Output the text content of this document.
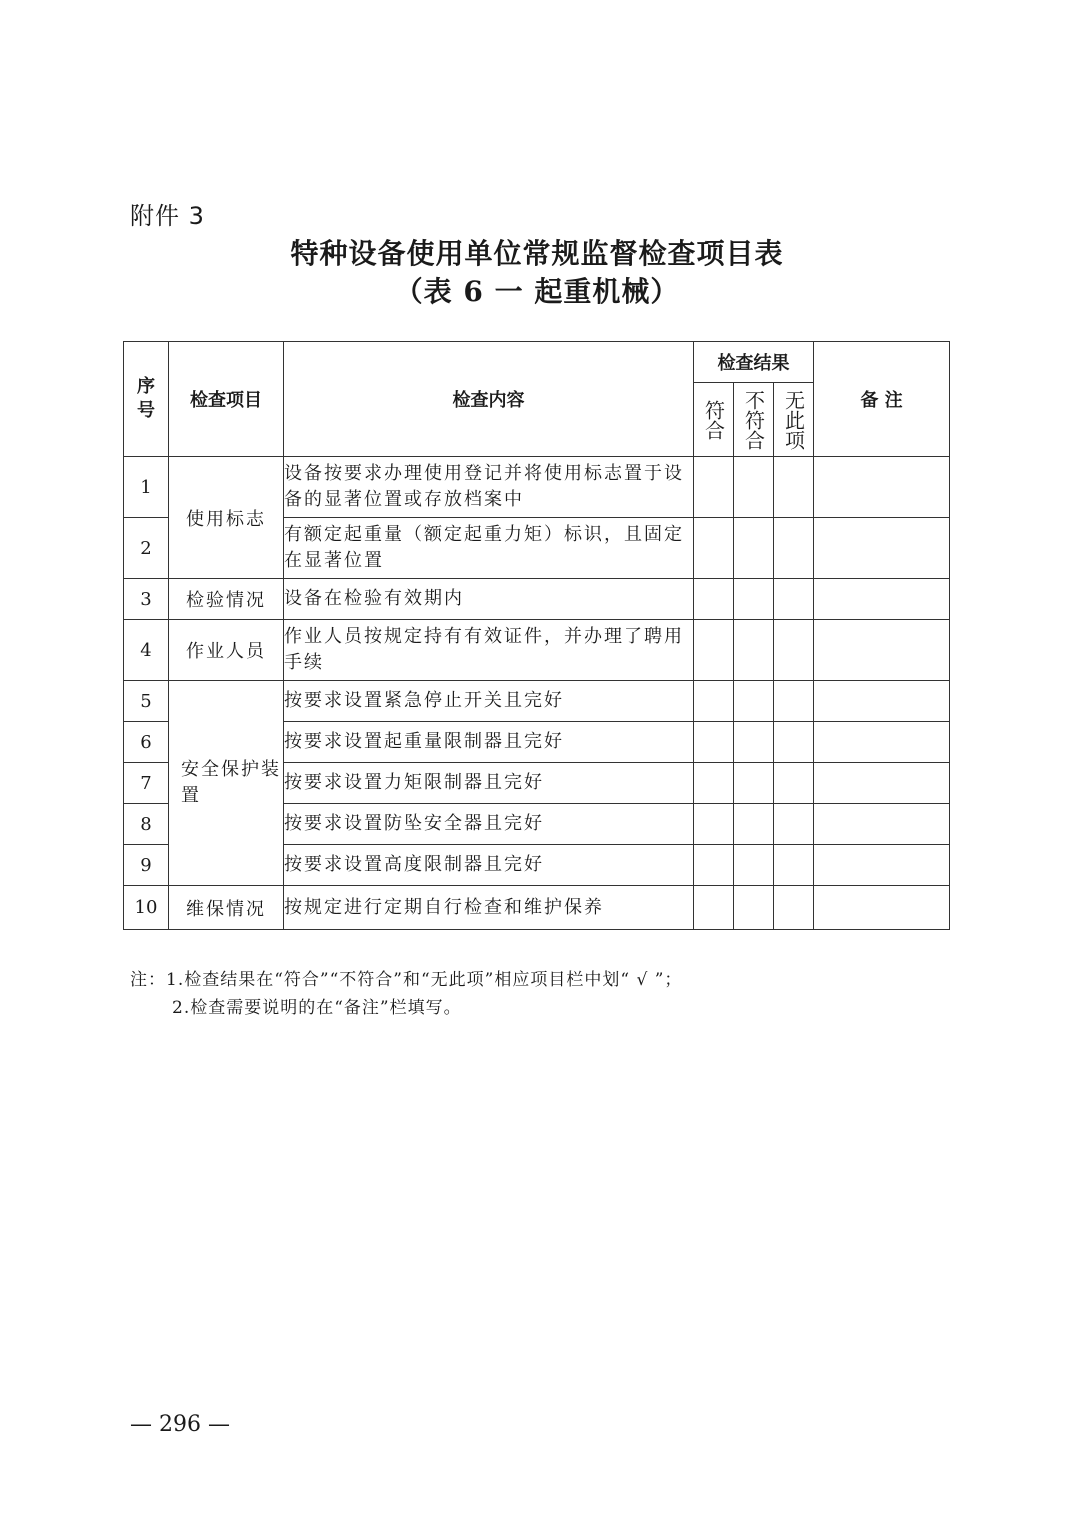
附件 3
特种设备使用单位常规监督检查项目表
（表 6 一 起重机械）
序
号	检查项目	检查内容	检查结果			备 注

			符合	不符合	无此项	

1	使用标志	设备按要求办理使用登记并将使用标志置于设备的显著位置或存放档案中				
2		有额定起重量（额定起重力矩）标识，且固定在显著位置				
3	检验情况	设备在检验有效期内				
4	作业人员	作业人员按规定持有有效证件，并办理了聘用手续				
5	安全保护装置	按要求设置紧急停止开关且完好				
6		按要求设置起重量限制器且完好				
7		按要求设置力矩限制器且完好				
8		按要求设置防坠安全器且完好				
9		按要求设置高度限制器且完好				
10	维保情况	按规定进行定期自行检查和维护保养				
注：1.检查结果在“符合”“不符合”和“无此项”相应项目栏中划“ √ ”；
2.检查需要说明的在“备注”栏填写。
— 296 —
